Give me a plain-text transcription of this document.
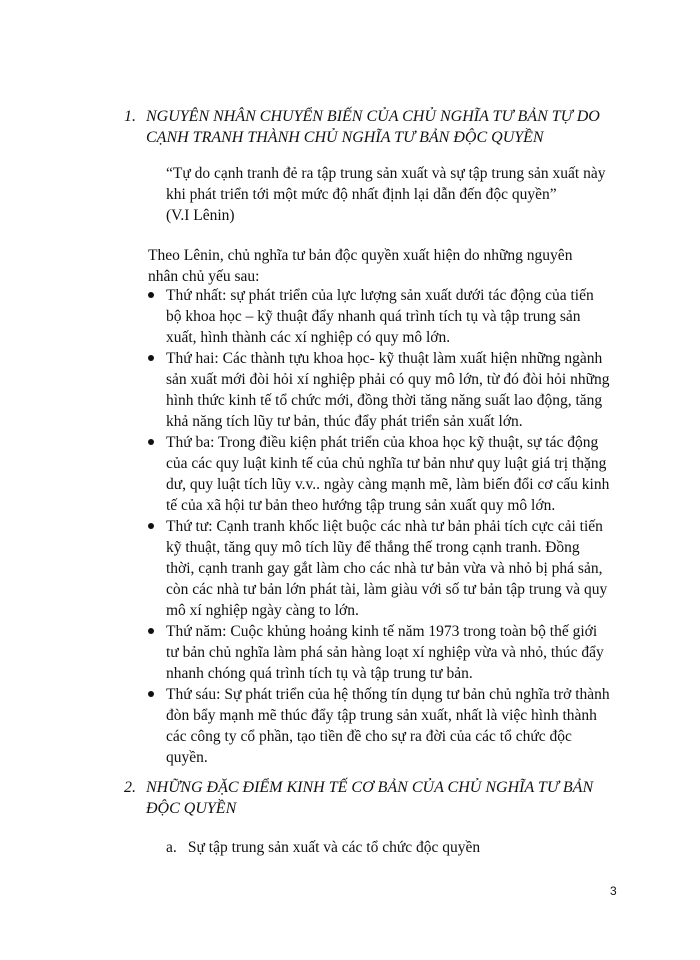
1. NGUYÊN NHÂN CHUYỂN BIẾN CỦA CHỦ NGHĨA TƯ BẢN TỰ DO CẠNH TRANH THÀNH CHỦ NGHĨA TƯ BẢN ĐỘC QUYỀN

“Tự do cạnh tranh đẻ ra tập trung sản xuất và sự tập trung sản xuất này khi phát triển tới một mức độ nhất định lại dẫn đến độc quyền”
(V.I Lênin)

Theo Lênin, chủ nghĩa tư bản độc quyền xuất hiện do những nguyên nhân chủ yếu sau:

Thứ nhất: sự phát triển của lực lượng sản xuất dưới tác động của tiến bộ khoa học – kỹ thuật đẩy nhanh quá trình tích tụ và tập trung sản xuất, hình thành các xí nghiệp có quy mô lớn.
Thứ hai: Các thành tựu khoa học- kỹ thuật làm xuất hiện những ngành sản xuất mới đòi hỏi xí nghiệp phải có quy mô lớn, từ đó đòi hỏi những hình thức kinh tế tổ chức mới, đồng thời tăng năng suất lao động, tăng khả năng tích lũy tư bản, thúc đẩy phát triển sản xuất lớn.
Thứ ba: Trong điều kiện phát triển của khoa học kỹ thuật, sự tác động của các quy luật kinh tế của chủ nghĩa tư bản như quy luật giá trị thặng dư, quy luật tích lũy v.v.. ngày càng mạnh mẽ, làm biến đổi cơ cấu kinh tế của xã hội tư bản theo hướng tập trung sản xuất quy mô lớn.
Thứ tư: Cạnh tranh khốc liệt buộc các nhà tư bản phải tích cực cải tiến kỹ thuật, tăng quy mô tích lũy để thắng thế trong cạnh tranh. Đồng thời, cạnh tranh gay gắt làm cho các nhà tư bản vừa và nhỏ bị phá sản, còn các nhà tư bản lớn phát tài, làm giàu với số tư bản tập trung và quy mô xí nghiệp ngày càng to lớn.
Thứ năm: Cuộc khủng hoảng kinh tế năm 1973 trong toàn bộ thế giới tư bản chủ nghĩa làm phá sản hàng loạt xí nghiệp vừa và nhỏ, thúc đẩy nhanh chóng quá trình tích tụ và tập trung tư bản.
Thứ sáu: Sự phát triển của hệ thống tín dụng tư bản chủ nghĩa trở thành đòn bẩy mạnh mẽ thúc đẩy tập trung sản xuất, nhất là việc hình thành các công ty cổ phần, tạo tiền đề cho sự ra đời của các tổ chức độc quyền.
2. NHỮNG ĐẶC ĐIỂM KINH TẾ CƠ BẢN CỦA CHỦ NGHĨA TƯ BẢN ĐỘC QUYỀN

a. Sự tập trung sản xuất và các tổ chức độc quyền

3
